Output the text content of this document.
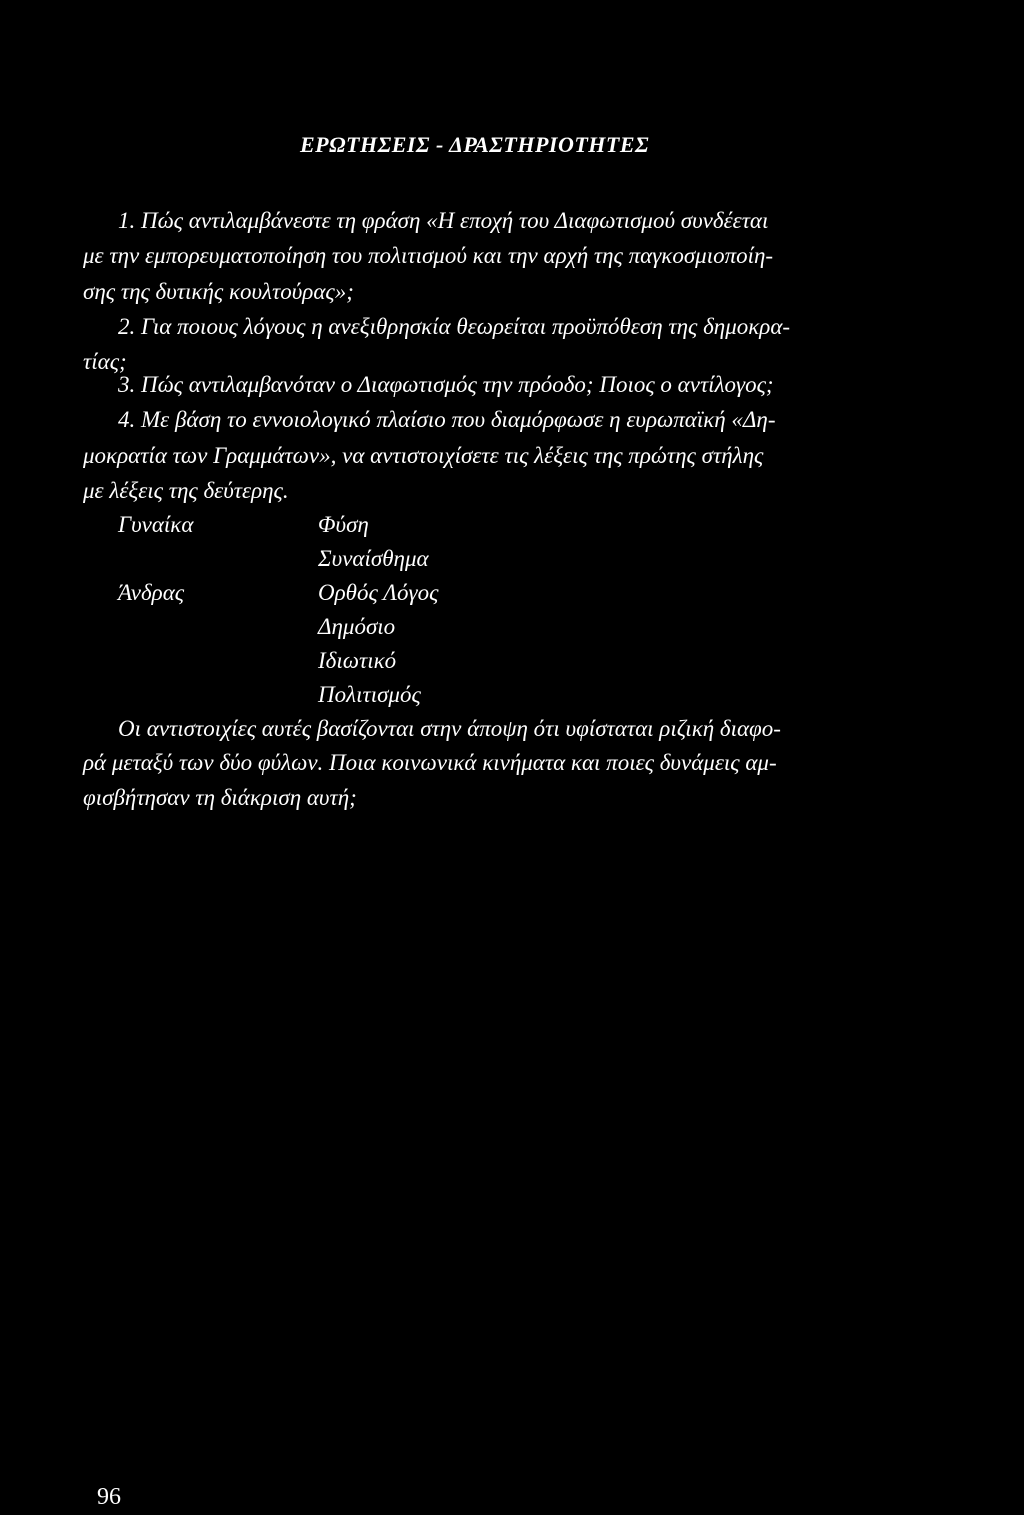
ΕΡΩΤΗΣΕΙΣ - ΔΡΑΣΤΗΡΙΟΤΗΤΕΣ
1. Πώς αντιλαμβάνεστε τη φράση «Η εποχή του Διαφωτισμού συνδέεται
με την εμπορευματοποίηση του πολιτισμού και την αρχή της παγκοσμιοποίη-
σης της δυτικής κουλτούρας»;
2. Για ποιους λόγους η ανεξιθρησκία θεωρείται προϋπόθεση της δημοκρα-
τίας;
3. Πώς αντιλαμβανόταν ο Διαφωτισμός την πρόοδο; Ποιος ο αντίλογος;
4. Με βάση το εννοιολογικό πλαίσιο που διαμόρφωσε η ευρωπαϊκή «Δη-
μοκρατία των Γραμμάτων», να αντιστοιχίσετε τις λέξεις της πρώτης στήλης
με λέξεις της δεύτερης.
Γυναίκα
Άνδρας
Φύση
Συναίσθημα
Ορθός Λόγος
Δημόσιο
Ιδιωτικό
Πολιτισμός
Οι αντιστοιχίες αυτές βασίζονται στην άποψη ότι υφίσταται ριζική διαφο-
ρά μεταξύ των δύο φύλων. Ποια κοινωνικά κινήματα και ποιες δυνάμεις αμ-
φισβήτησαν τη διάκριση αυτή;
96
